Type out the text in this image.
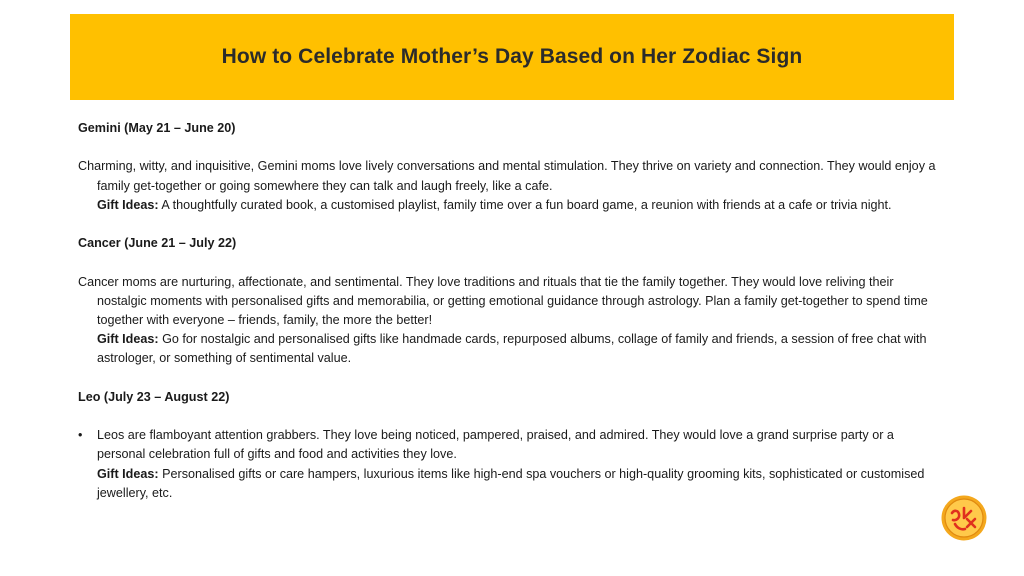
How to Celebrate Mother’s Day Based on Her Zodiac Sign

Gemini (May 21 – June 20)

Charming, witty, and inquisitive, Gemini moms love lively conversations and mental stimulation. They thrive on variety and connection. They would enjoy a family get-together or going somewhere they can talk and laugh freely, like a cafe.
Gift Ideas: A thoughtfully curated book, a customised playlist, family time over a fun board game, a reunion with friends at a cafe or trivia night.

Cancer (June 21 – July 22)

Cancer moms are nurturing, affectionate, and sentimental. They love traditions and rituals that tie the family together. They would love reliving their nostalgic moments with personalised gifts and memorabilia, or getting emotional guidance through astrology. Plan a family get-together to spend time together with everyone – friends, family, the more the better!
Gift Ideas: Go for nostalgic and personalised gifts like handmade cards, repurposed albums, collage of family and friends, a session of free chat with astrologer, or something of sentimental value.

Leo (July 23 – August 22)

• Leos are flamboyant attention grabbers. They love being noticed, pampered, praised, and admired. They would love a grand surprise party or a personal celebration full of gifts and food and activities they love.
Gift Ideas: Personalised gifts or care hampers, luxurious items like high-end spa vouchers or high-quality grooming kits, sophisticated or customised jewellery, etc.
